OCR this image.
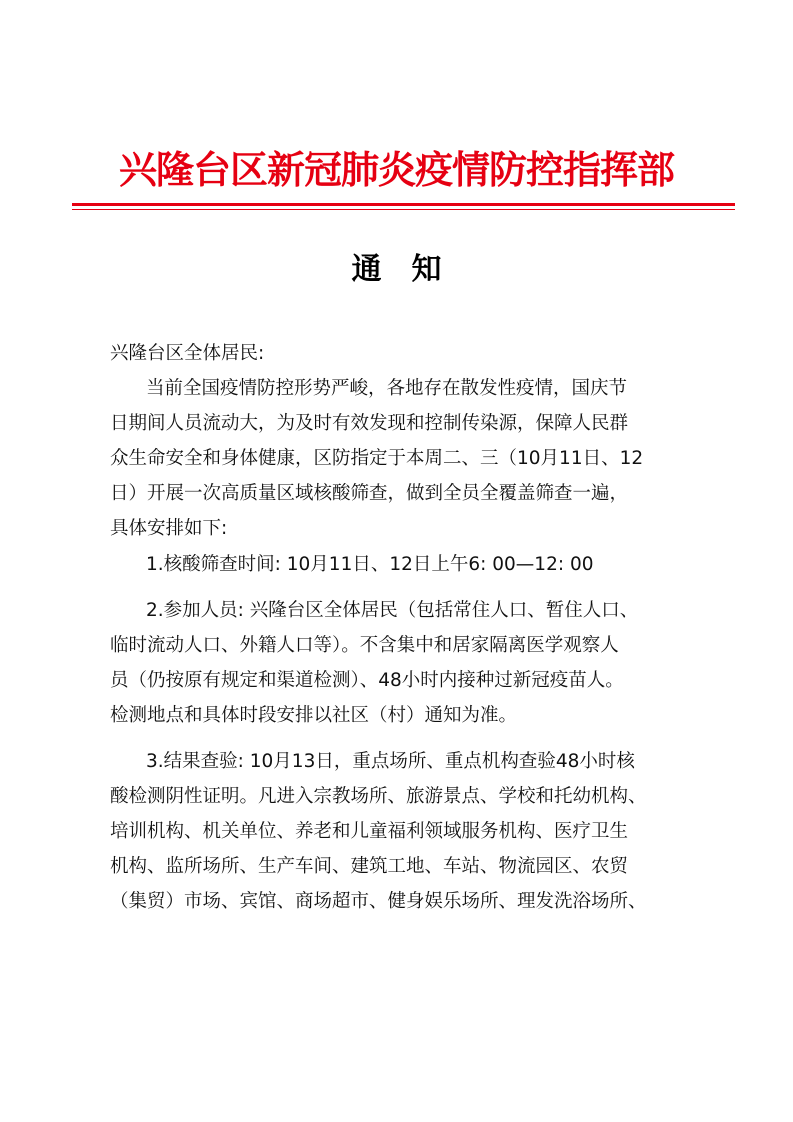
兴隆台区新冠肺炎疫情防控指挥部
通　知
兴隆台区全体居民:
当前全国疫情防控形势严峻，各地存在散发性疫情，国庆节
日期间人员流动大，为及时有效发现和控制传染源，保障人民群
众生命安全和身体健康，区防指定于本周二、三（10月11日、12
日）开展一次高质量区域核酸筛查，做到全员全覆盖筛查一遍，
具体安排如下:
1.核酸筛查时间: 10月11日、12日上午6: 00—12: 00
2.参加人员: 兴隆台区全体居民（包括常住人口、暂住人口、
临时流动人口、外籍人口等）。不含集中和居家隔离医学观察人
员（仍按原有规定和渠道检测）、48小时内接种过新冠疫苗人。
检测地点和具体时段安排以社区（村）通知为准。
3.结果查验: 10月13日，重点场所、重点机构查验48小时核
酸检测阴性证明。凡进入宗教场所、旅游景点、学校和托幼机构、
培训机构、机关单位、养老和儿童福利领域服务机构、医疗卫生
机构、监所场所、生产车间、建筑工地、车站、物流园区、农贸
（集贸）市场、宾馆、商场超市、健身娱乐场所、理发洗浴场所、
